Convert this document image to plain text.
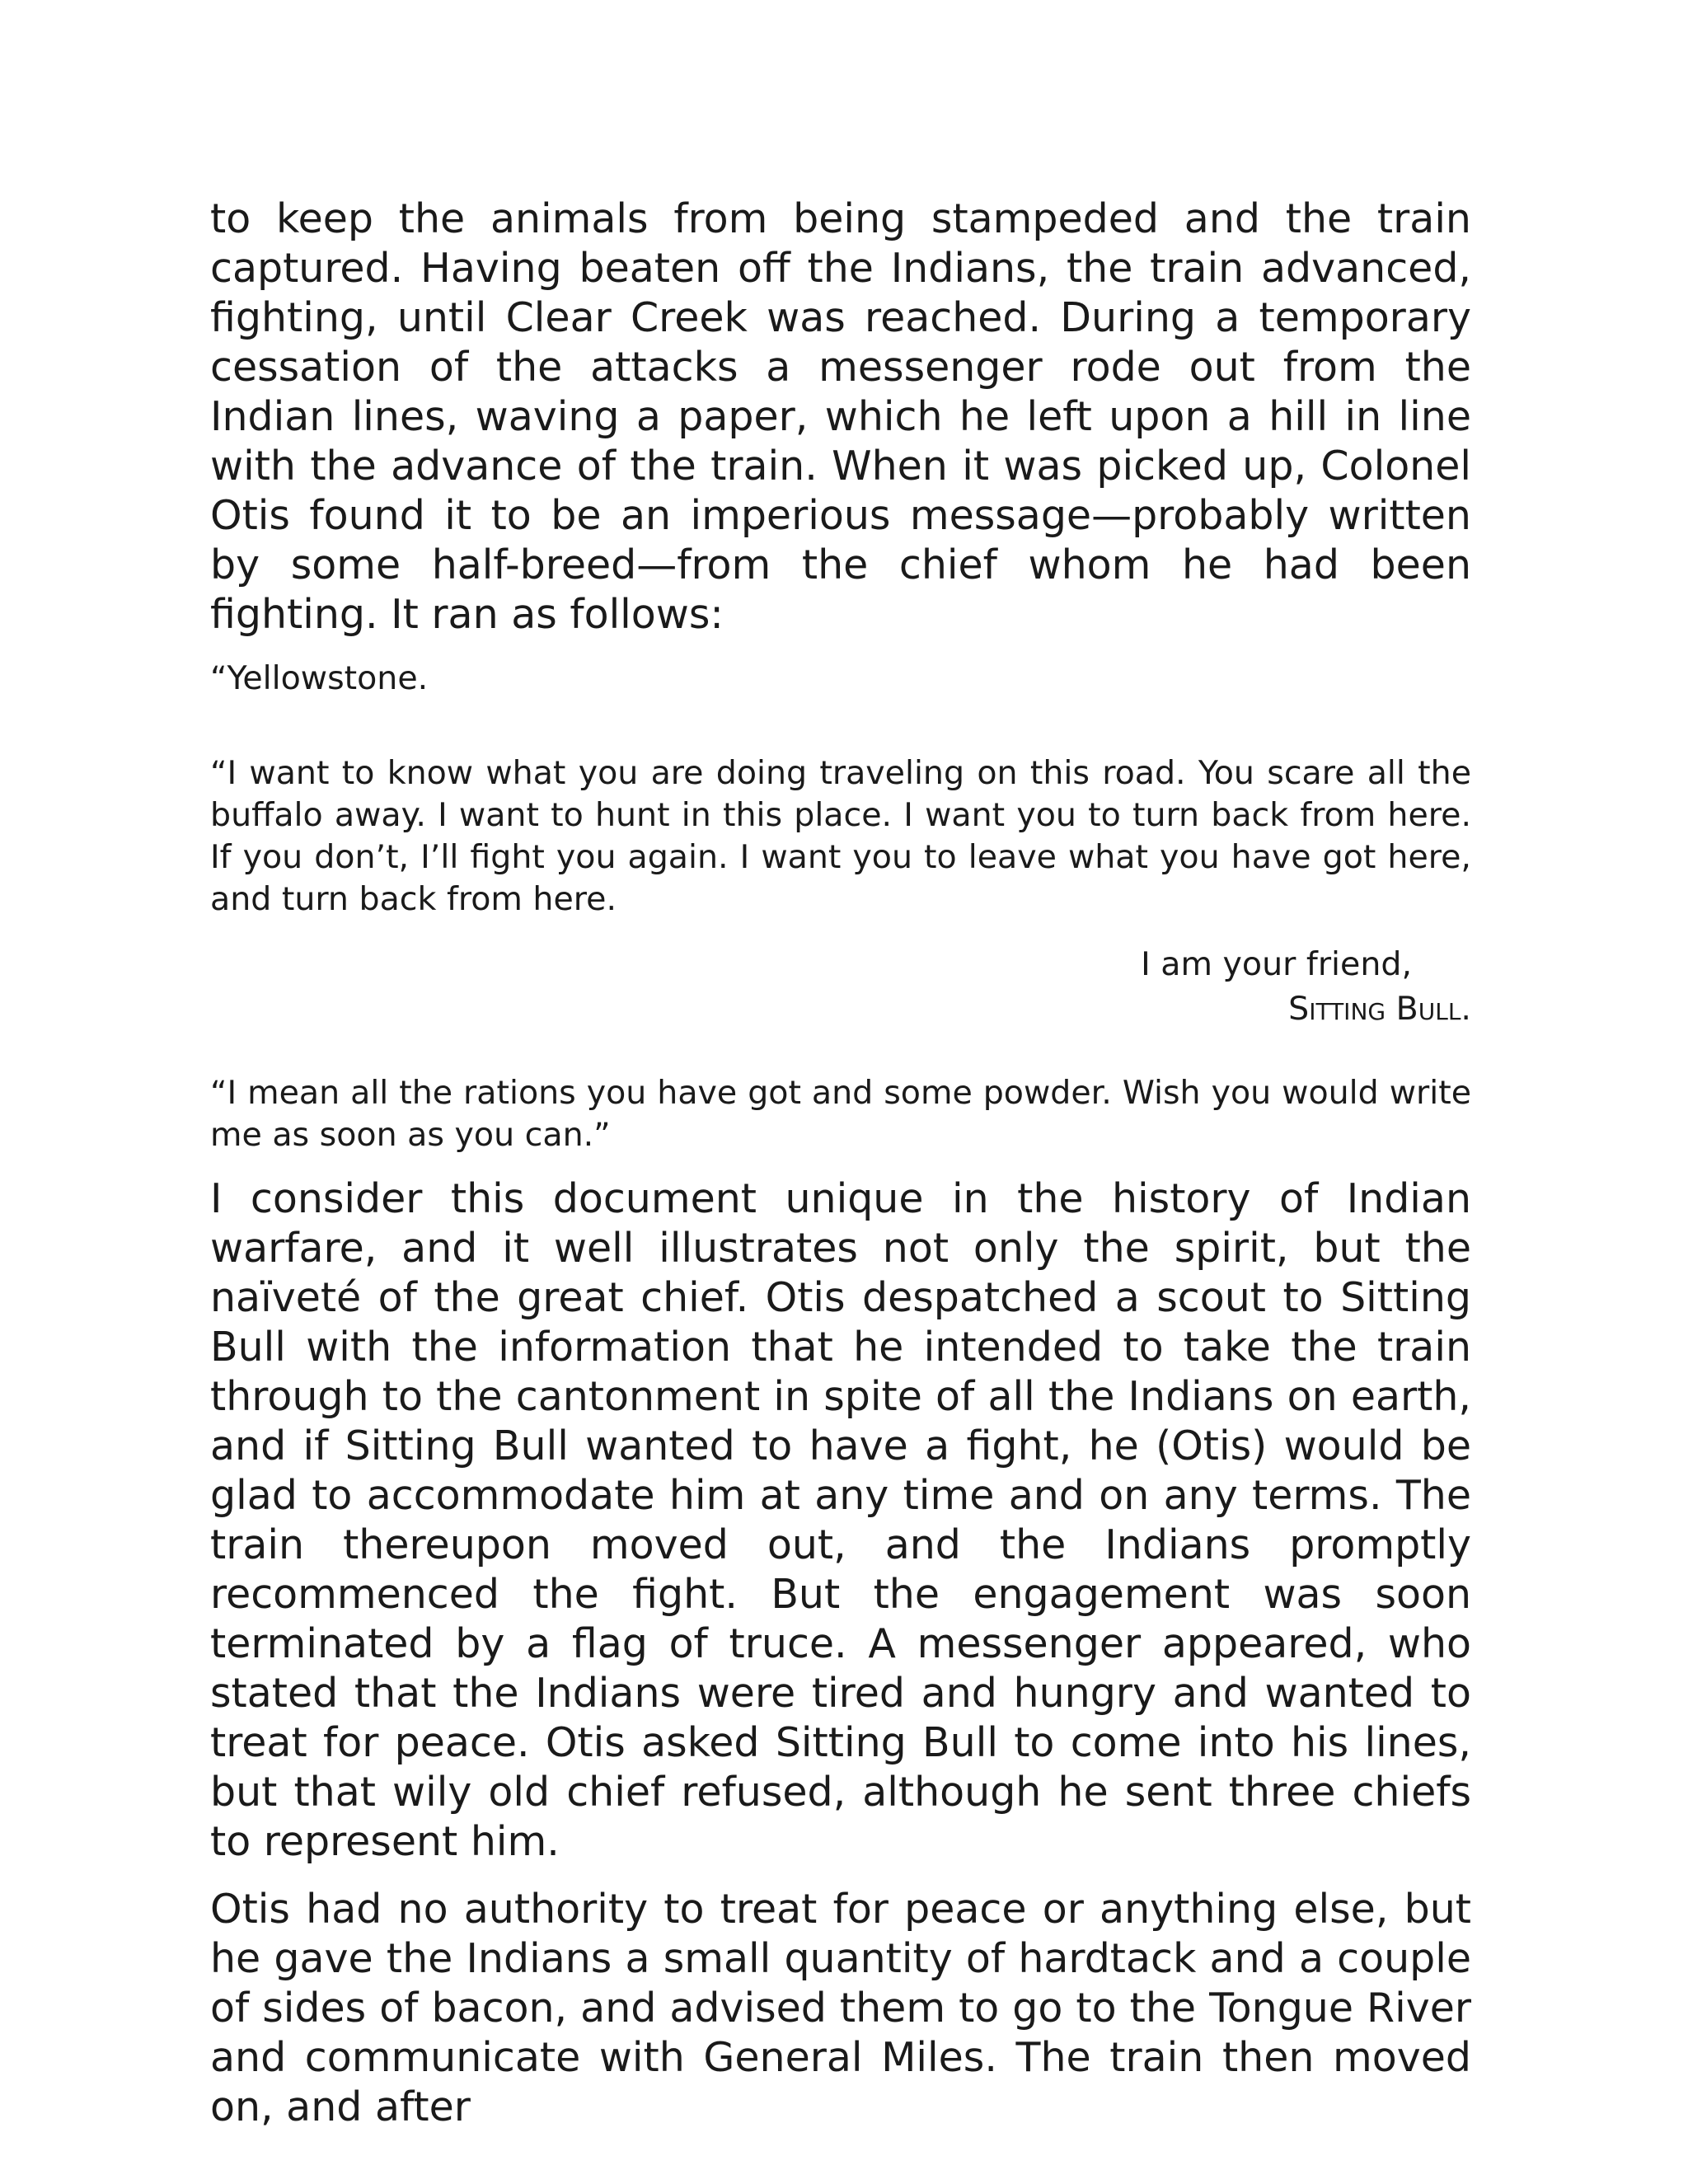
to keep the animals from being stampeded and the train captured. Having beaten off the Indians, the train advanced, fighting, until Clear Creek was reached. During a temporary cessation of the attacks a messenger rode out from the Indian lines, waving a paper, which he left upon a hill in line with the advance of the train. When it was picked up, Colonel Otis found it to be an imperious message—probably written by some half-breed—from the chief whom he had been fighting. It ran as follows:

“Yellowstone.

“I want to know what you are doing traveling on this road. You scare all the buffalo away. I want to hunt in this place. I want you to turn back from here. If you don’t, I’ll fight you again. I want you to leave what you have got here, and turn back from here.

I am your friend,
Sitting Bull.

“I mean all the rations you have got and some powder. Wish you would write me as soon as you can.”

I consider this document unique in the history of Indian warfare, and it well illustrates not only the spirit, but the naïveté of the great chief. Otis despatched a scout to Sitting Bull with the information that he intended to take the train through to the cantonment in spite of all the Indians on earth, and if Sitting Bull wanted to have a fight, he (Otis) would be glad to accommodate him at any time and on any terms. The train thereupon moved out, and the Indians promptly recommenced the fight. But the engagement was soon terminated by a flag of truce. A messenger appeared, who stated that the Indians were tired and hungry and wanted to treat for peace. Otis asked Sitting Bull to come into his lines, but that wily old chief refused, although he sent three chiefs to represent him.

Otis had no authority to treat for peace or anything else, but he gave the Indians a small quantity of hardtack and a couple of sides of bacon, and advised them to go to the Tongue River and communicate with General Miles. The train then moved on, and after
